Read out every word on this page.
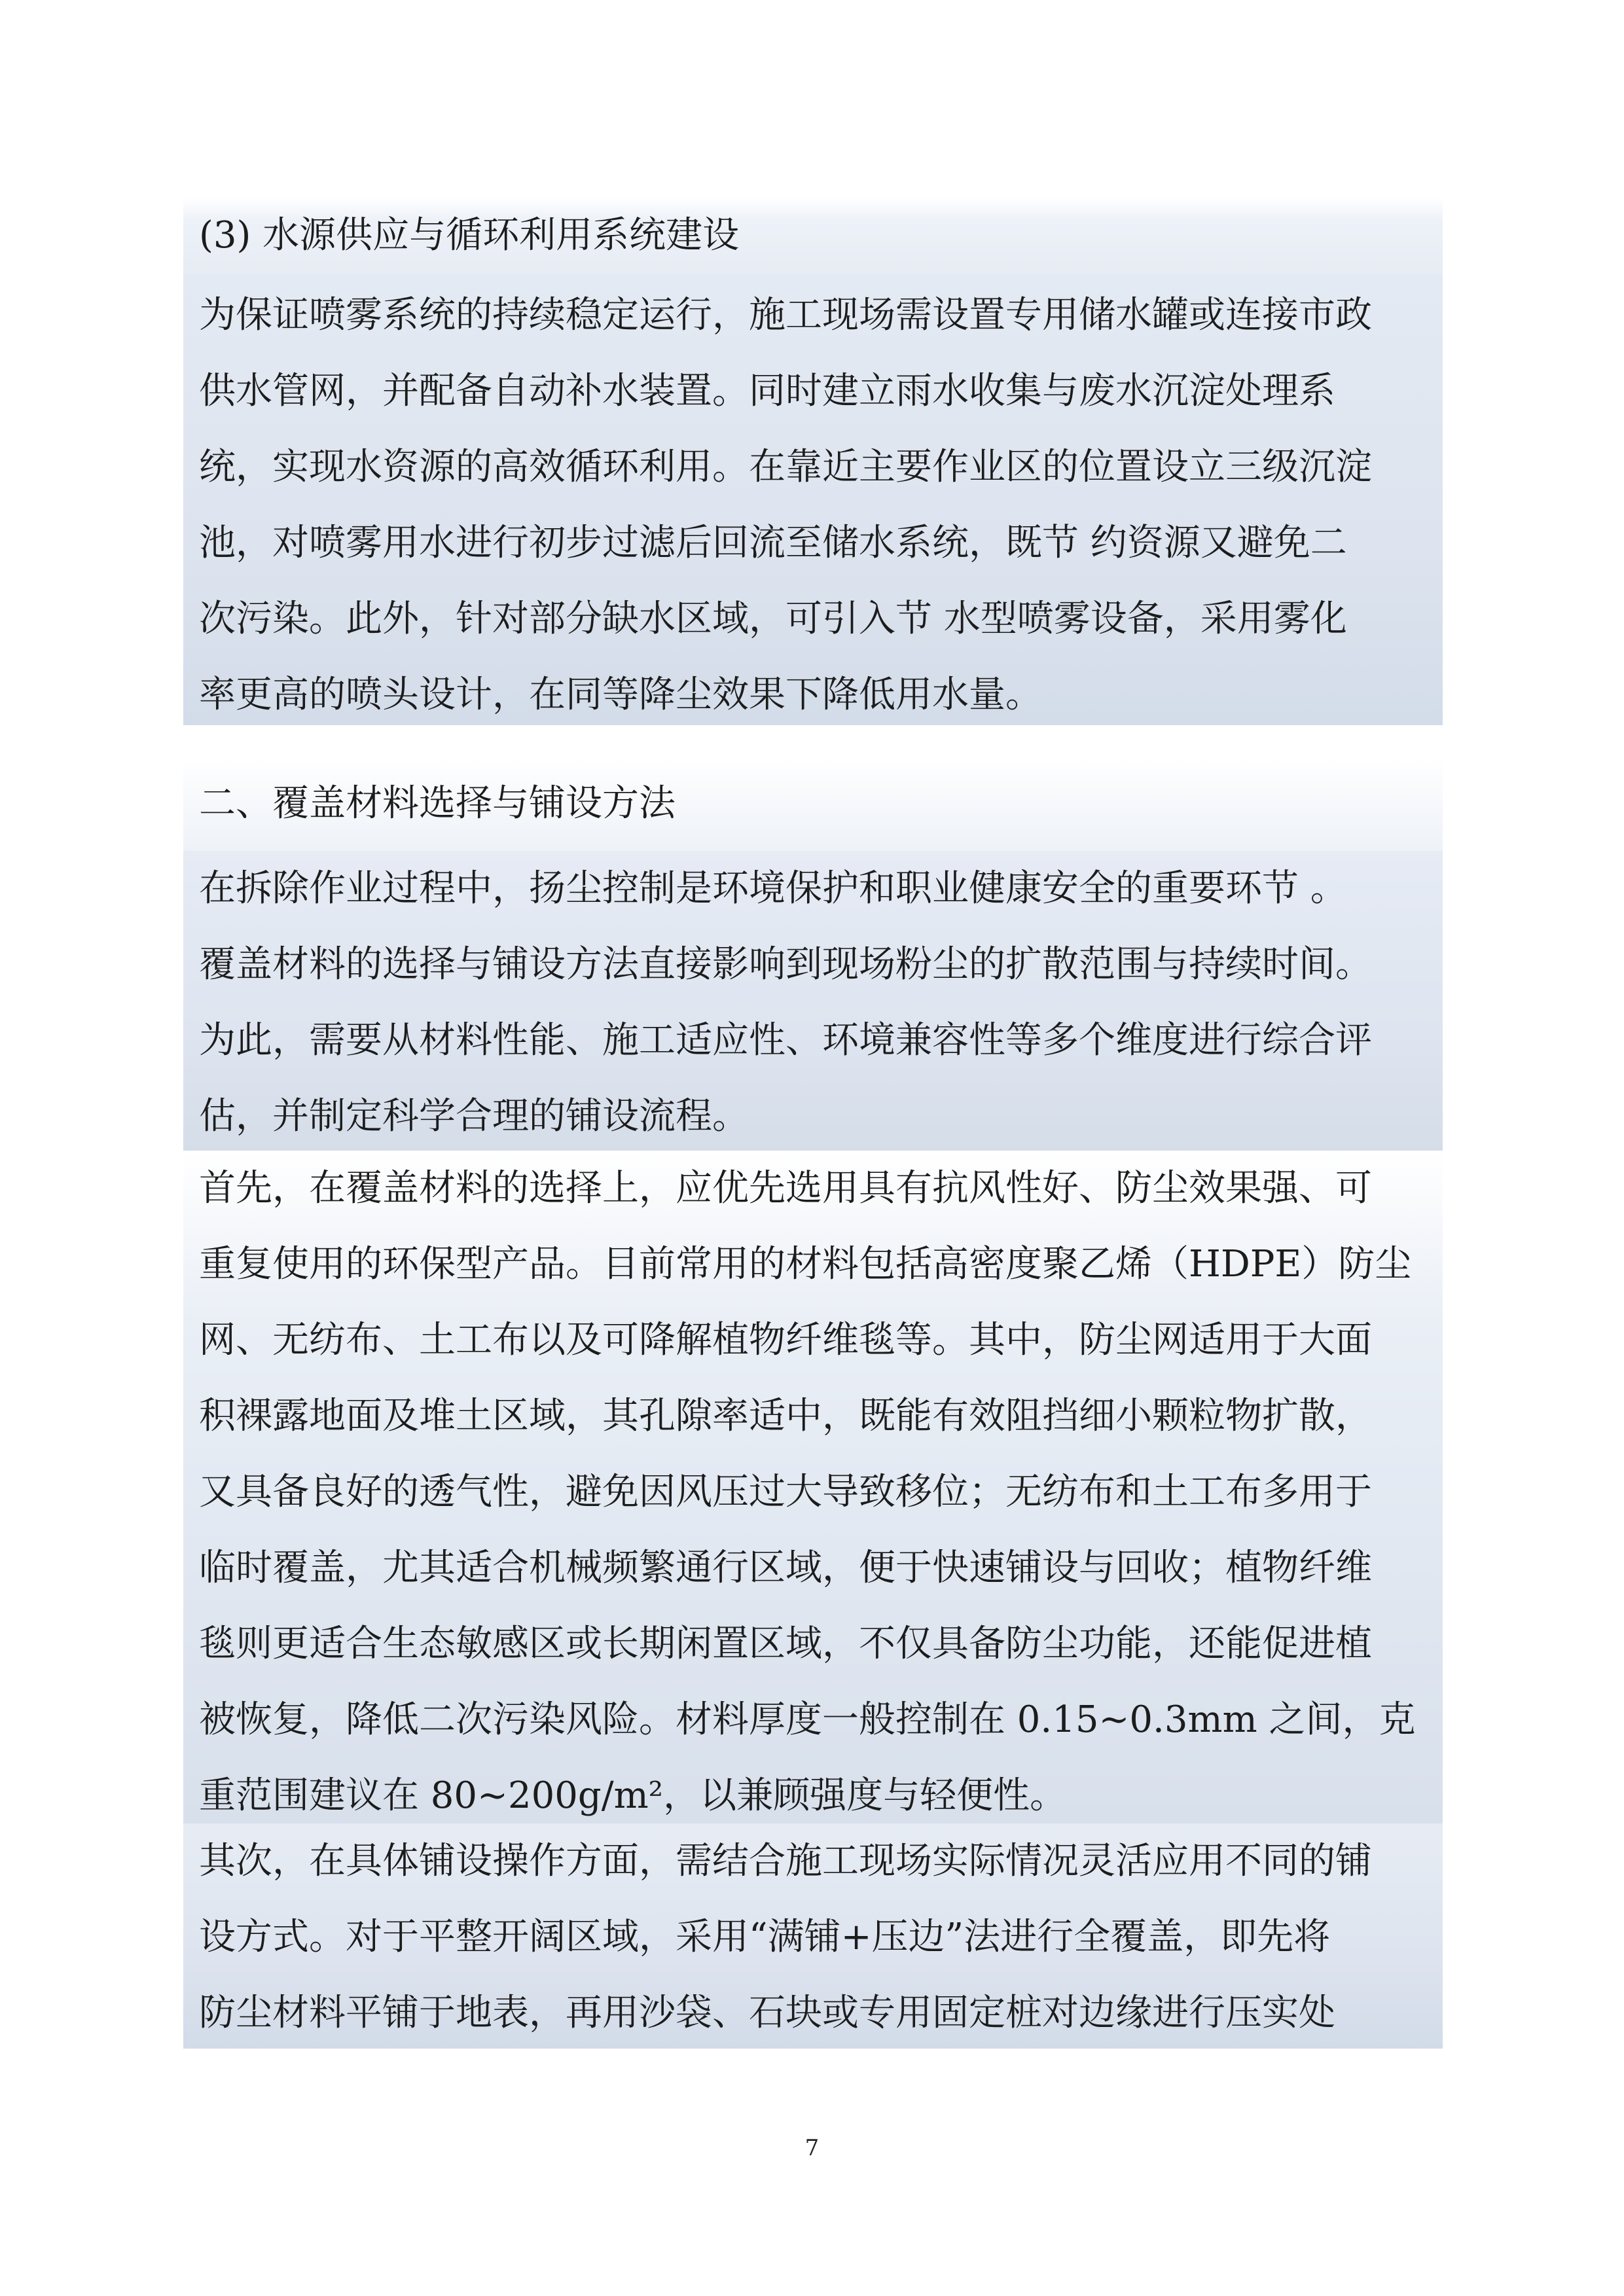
(3) 水源供应与循环利用系统建设
为保证喷雾系统的持续稳定运行，施工现场需设置专用储水罐或连接市政
供水管网，并配备自动补水装置。同时建立雨水收集与废水沉淀处理系
统，实现水资源的高效循环利用。在靠近主要作业区的位置设立三级沉淀
池，对喷雾用水进行初步过滤后回流至储水系统，既节 约资源又避免二
次污染。此外，针对部分缺水区域，可引入节 水型喷雾设备，采用雾化
率更高的喷头设计，在同等降尘效果下降低用水量。
二、覆盖材料选择与铺设方法
在拆除作业过程中，扬尘控制是环境保护和职业健康安全的重要环节 。
覆盖材料的选择与铺设方法直接影响到现场粉尘的扩散范围与持续时间。
为此，需要从材料性能、施工适应性、环境兼容性等多个维度进行综合评
估，并制定科学合理的铺设流程。
首先，在覆盖材料的选择上，应优先选用具有抗风性好、防尘效果强、可
重复使用的环保型产品。目前常用的材料包括高密度聚乙烯（HDPE）防尘
网、无纺布、土工布以及可降解植物纤维毯等。其中，防尘网适用于大面
积裸露地面及堆土区域，其孔隙率适中，既能有效阻挡细小颗粒物扩散，
又具备良好的透气性，避免因风压过大导致移位；无纺布和土工布多用于
临时覆盖，尤其适合机械频繁通行区域，便于快速铺设与回收；植物纤维
毯则更适合生态敏感区或长期闲置区域，不仅具备防尘功能，还能促进植
被恢复，降低二次污染风险。材料厚度一般控制在 0.15~0.3mm 之间，克
重范围建议在 80~200g/m²，以兼顾强度与轻便性。
其次，在具体铺设操作方面，需结合施工现场实际情况灵活应用不同的铺
设方式。对于平整开阔区域，采用“满铺+压边”法进行全覆盖，即先将
防尘材料平铺于地表，再用沙袋、石块或专用固定桩对边缘进行压实处
7
